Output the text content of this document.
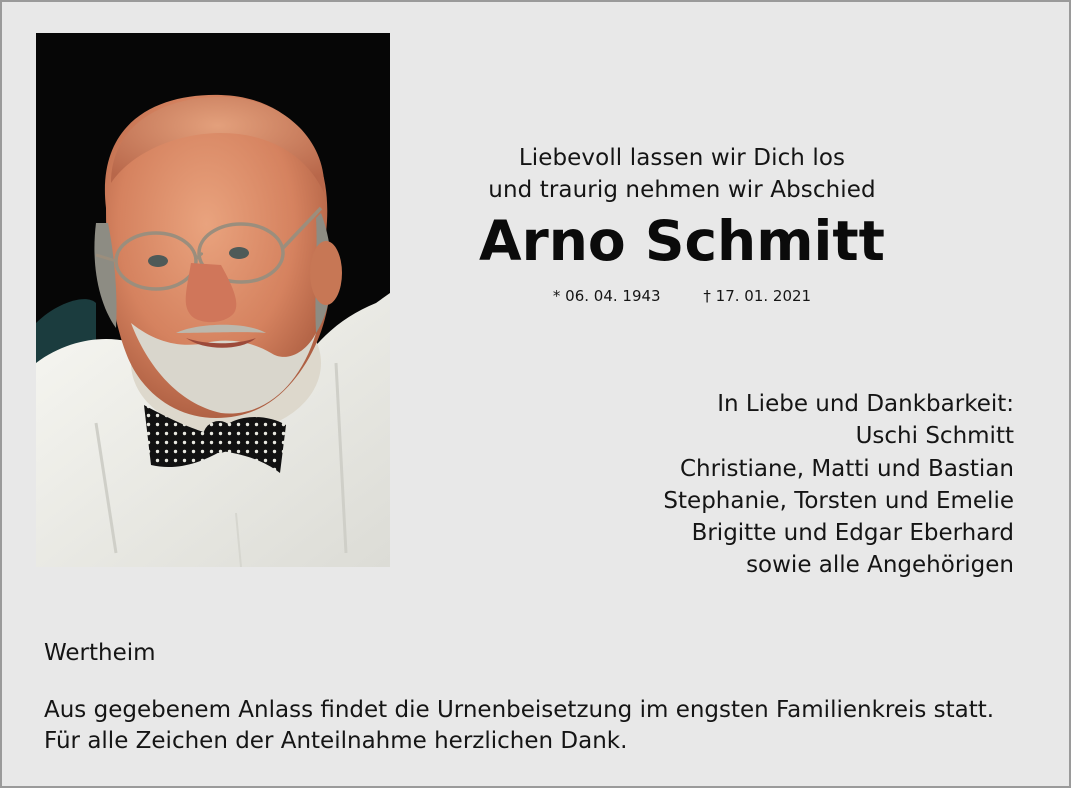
Liebevoll lassen wir Dich los
und traurig nehmen wir Abschied
Arno Schmitt
* 06. 04. 1943	† 17. 01. 2021
In Liebe und Dankbarkeit:
Uschi Schmitt
Christiane, Matti und Bastian
Stephanie, Torsten und Emelie
Brigitte und Edgar Eberhard
sowie alle Angehörigen
Wertheim
Aus gegebenem Anlass findet die Urnenbeisetzung im engsten Familienkreis statt.
Für alle Zeichen der Anteilnahme herzlichen Dank.
